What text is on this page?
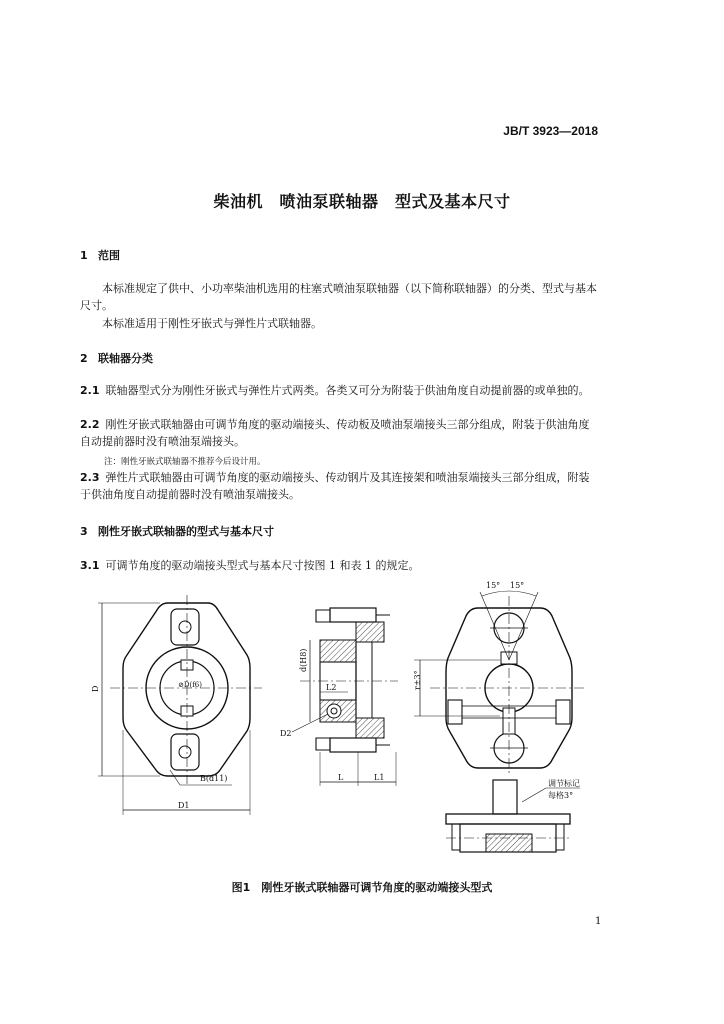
JB/T 3923—2018
柴油机　喷油泵联轴器　型式及基本尺寸
1 范围
本标准规定了供中、小功率柴油机选用的柱塞式喷油泵联轴器（以下简称联轴器）的分类、型式与基本尺寸。
本标准适用于刚性牙嵌式与弹性片式联轴器。
2 联轴器分类
2.1 联轴器型式分为刚性牙嵌式与弹性片式两类。各类又可分为附装于供油角度自动提前器的或单独的。
2.2 刚性牙嵌式联轴器由可调节角度的驱动端接头、传动板及喷油泵端接头三部分组成，附装于供油角度自动提前器时没有喷油泵端接头。
注：刚性牙嵌式联轴器不推荐今后设计用。
2.3 弹性片式联轴器由可调节角度的驱动端接头、传动钢片及其连接架和喷油泵端接头三部分组成，附装于供油角度自动提前器时没有喷油泵端接头。
3 刚性牙嵌式联轴器的型式与基本尺寸
3.1 可调节角度的驱动端接头型式与基本尺寸按图 1 和表 1 的规定。
D
D1
⊘D(f6)
B(d11)
d(H8)
L2
D2
L	L1
r±3°
15° 15°
调节标记
每格3°
图1　刚性牙嵌式联轴器可调节角度的驱动端接头型式
1
